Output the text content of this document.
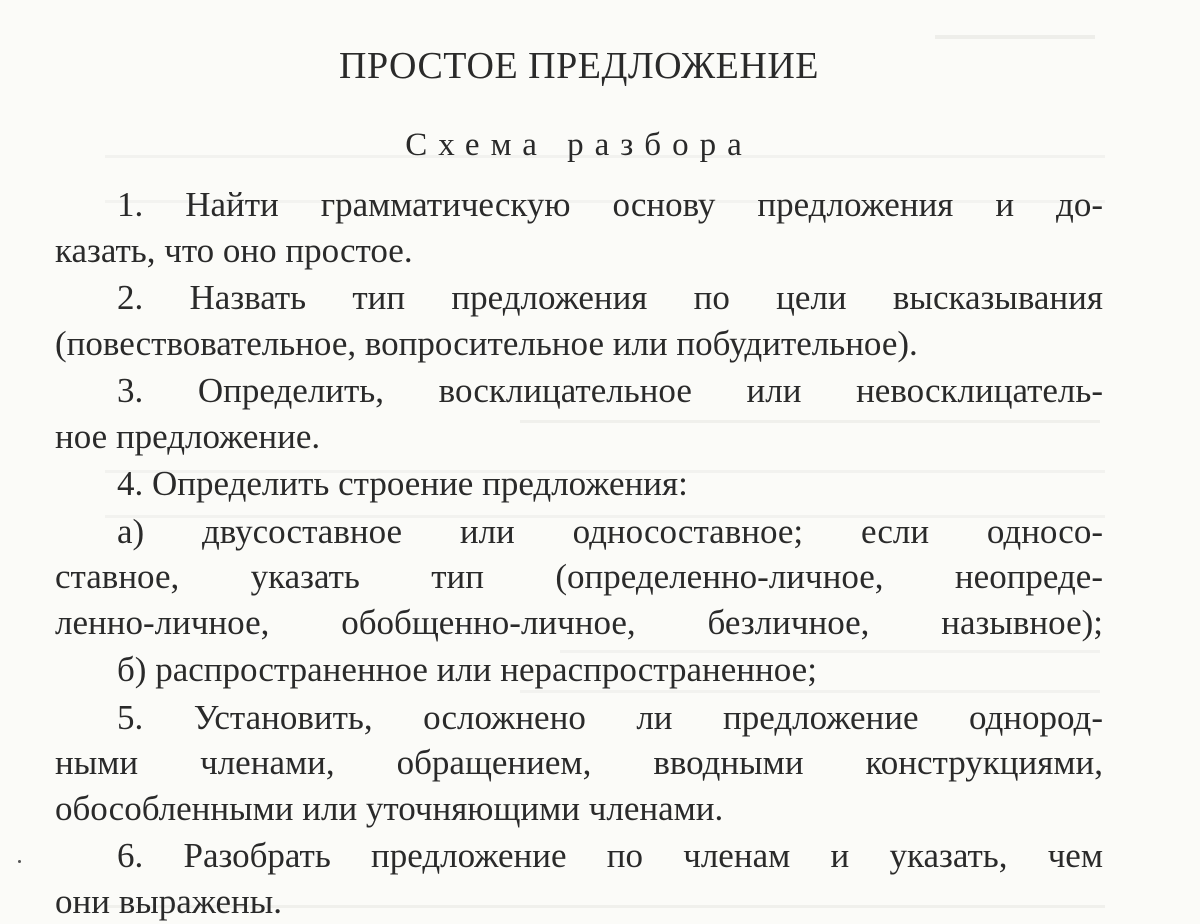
ПРОСТОЕ ПРЕДЛОЖЕНИЕ
Схема разбора
1. Найти грамматическую основу предложения и до-
казать, что оно простое.
2. Назвать тип предложения по цели высказывания
(повествовательное, вопросительное или побудительное).
3. Определить, восклицательное или невосклицатель-
ное предложение.
4. Определить строение предложения:
а) двусоставное или односоставное; если односо-
ставное, указать тип (определенно-личное, неопреде-
ленно-личное, обобщенно-личное, безличное, назывное);
б) распространенное или нераспространенное;
5. Установить, осложнено ли предложение однород-
ными членами, обращением, вводными конструкциями,
обособленными или уточняющими членами.
6. Разобрать предложение по членам и указать, чем
они выражены.
